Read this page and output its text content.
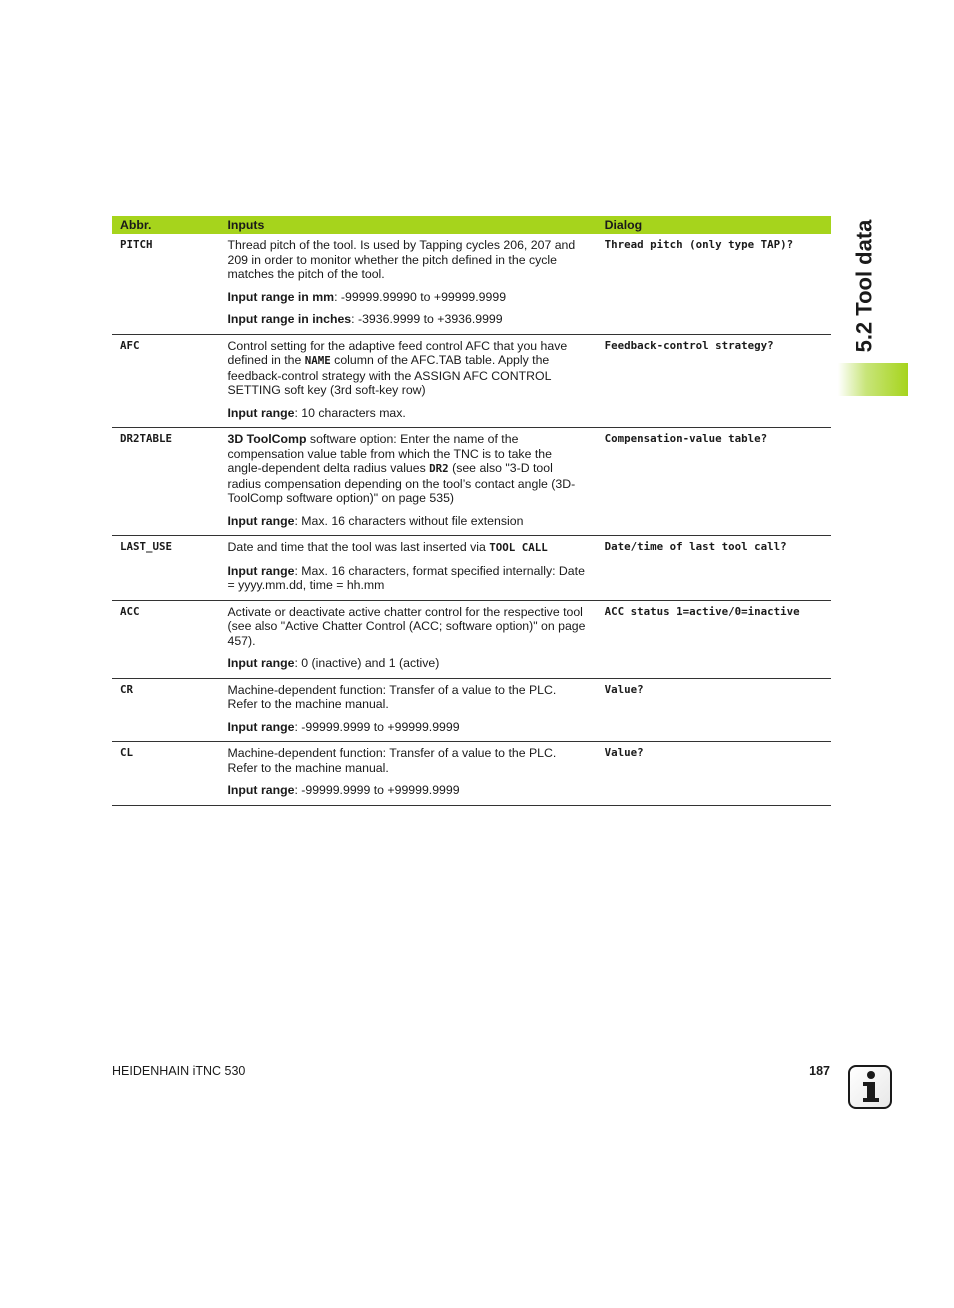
5.2 Tool data
Abbr.	Inputs	Dialog
PITCH	Thread pitch of the tool. Is used by Tapping cycles 206, 207 and 209 in order to monitor whether the pitch defined in the cycle matches the pitch of the tool.

Input range in mm: -99999.99990 to +99999.9999

Input range in inches: -3936.9999 to +3936.9999	Thread pitch (only type TAP)?
AFC	Control setting for the adaptive feed control AFC that you have defined in the NAME column of the AFC.TAB table. Apply the feedback-control strategy with the ASSIGN AFC CONTROL SETTING soft key (3rd soft-key row)

Input range: 10 characters max.	Feedback-control strategy?
DR2TABLE	3D ToolComp software option: Enter the name of the compensation value table from which the TNC is to take the angle-dependent delta radius values DR2 (see also "3-D tool radius compensation depending on the tool’s contact angle (3D-ToolComp software option)" on page 535)

Input range: Max. 16 characters without file extension	Compensation-value table?
LAST_USE	Date and time that the tool was last inserted via TOOL CALL

Input range: Max. 16 characters, format specified internally: Date = yyyy.mm.dd, time = hh.mm	Date/time of last tool call?
ACC	Activate or deactivate active chatter control for the respective tool (see also "Active Chatter Control (ACC; software option)" on page 457).

Input range: 0 (inactive) and 1 (active)	ACC status 1=active/0=inactive
CR	Machine-dependent function: Transfer of a value to the PLC. Refer to the machine manual.

Input range: -99999.9999 to +99999.9999	Value?
CL	Machine-dependent function: Transfer of a value to the PLC. Refer to the machine manual.

Input range: -99999.9999 to +99999.9999	Value?
HEIDENHAIN iTNC 530	187
